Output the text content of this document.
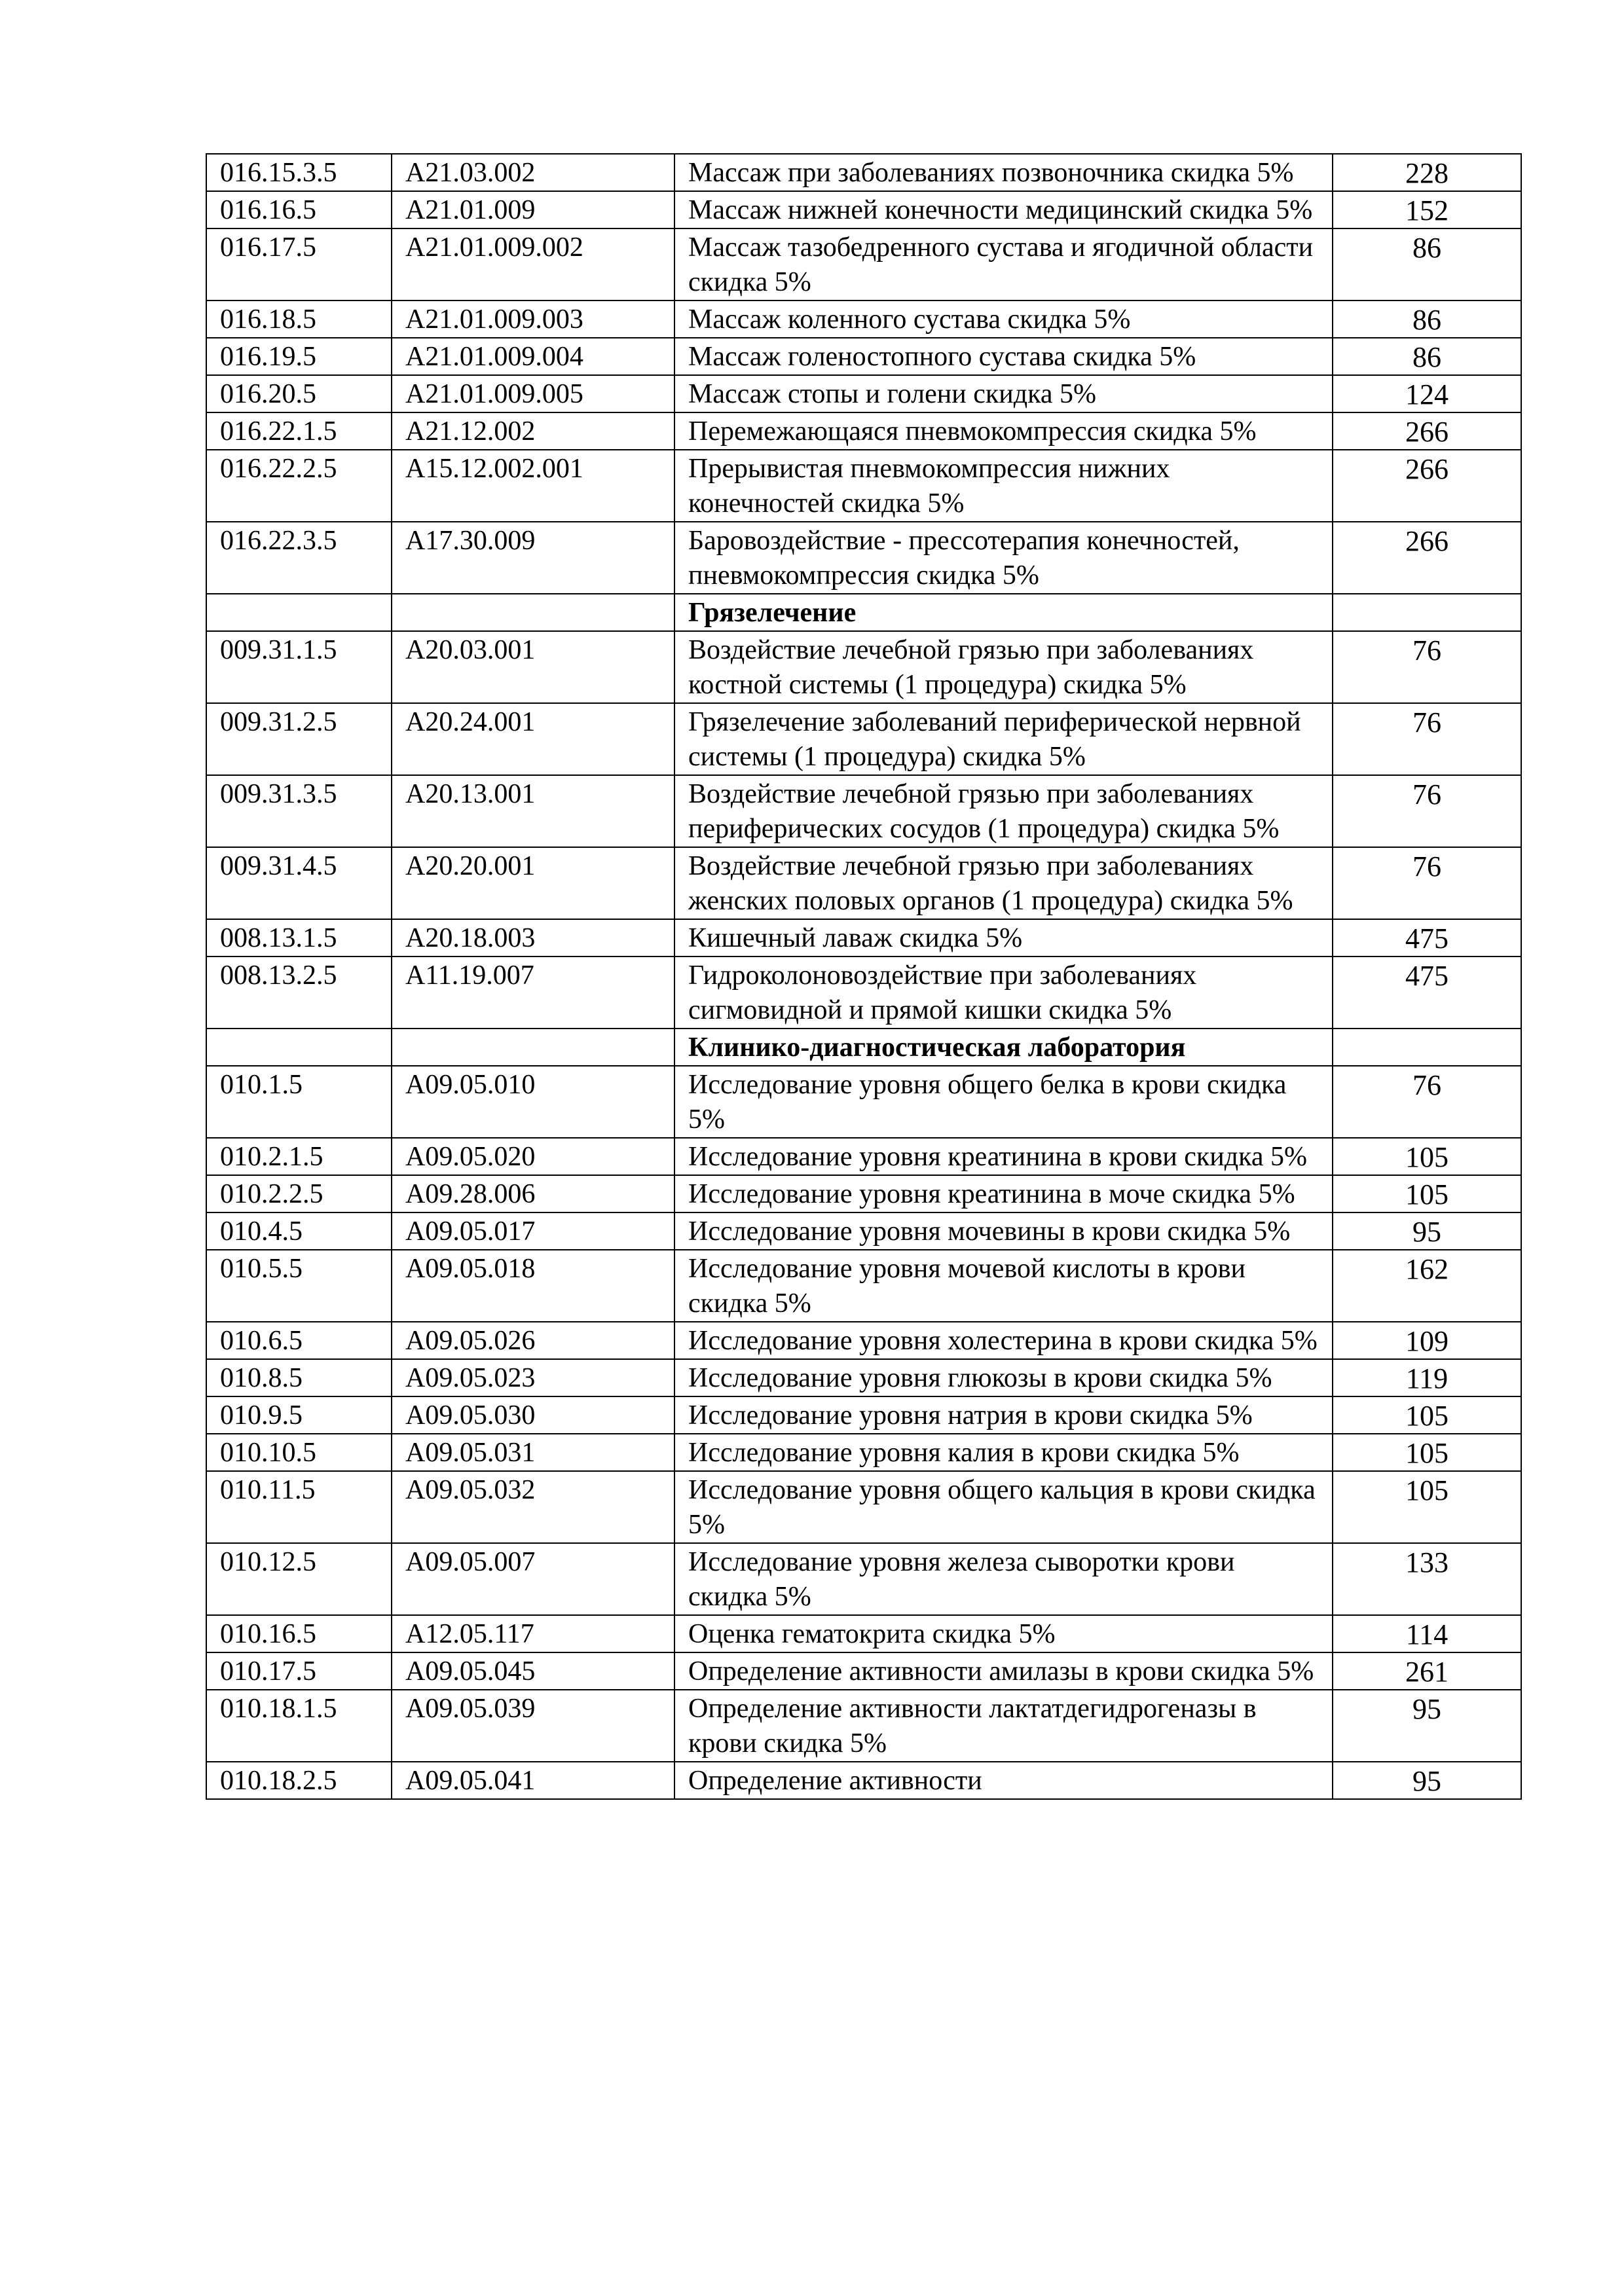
016.15.3.5	A21.03.002	Массаж при заболеваниях позвоночника скидка 5%	228
016.16.5	A21.01.009	Массаж нижней конечности медицинский скидка 5%	152
016.17.5	A21.01.009.002	Массаж тазобедренного сустава и ягодичной области скидка 5%	86
016.18.5	A21.01.009.003	Массаж коленного сустава скидка 5%	86
016.19.5	A21.01.009.004	Массаж голеностопного сустава скидка 5%	86
016.20.5	A21.01.009.005	Массаж стопы и голени скидка 5%	124
016.22.1.5	A21.12.002	Перемежающаяся пневмокомпрессия скидка 5%	266
016.22.2.5	A15.12.002.001	Прерывистая пневмокомпрессия нижних конечностей скидка 5%	266
016.22.3.5	A17.30.009	Баровоздействие - прессотерапия конечностей, пневмокомпрессия скидка 5%	266
		Грязелечение	
009.31.1.5	A20.03.001	Воздействие лечебной грязью при заболеваниях костной системы (1 процедура) скидка 5%	76
009.31.2.5	A20.24.001	Грязелечение заболеваний периферической нервной системы (1 процедура) скидка 5%	76
009.31.3.5	A20.13.001	Воздействие лечебной грязью при заболеваниях периферических сосудов (1 процедура) скидка 5%	76
009.31.4.5	A20.20.001	Воздействие лечебной грязью при заболеваниях женских половых органов (1 процедура) скидка 5%	76
008.13.1.5	A20.18.003	Кишечный лаваж скидка 5%	475
008.13.2.5	A11.19.007	Гидроколоновоздействие при заболеваниях сигмовидной и прямой кишки скидка 5%	475
		Клинико-диагностическая лаборатория	
010.1.5	A09.05.010	Исследование уровня общего белка в крови скидка 5%	76
010.2.1.5	A09.05.020	Исследование уровня креатинина в крови скидка 5%	105
010.2.2.5	A09.28.006	Исследование уровня креатинина в моче скидка 5%	105
010.4.5	A09.05.017	Исследование уровня мочевины в крови скидка 5%	95
010.5.5	A09.05.018	Исследование уровня мочевой кислоты в крови скидка 5%	162
010.6.5	A09.05.026	Исследование уровня холестерина в крови скидка 5%	109
010.8.5	A09.05.023	Исследование уровня глюкозы в крови скидка 5%	119
010.9.5	A09.05.030	Исследование уровня натрия в крови скидка 5%	105
010.10.5	A09.05.031	Исследование уровня калия в крови скидка 5%	105
010.11.5	A09.05.032	Исследование уровня общего кальция в крови скидка 5%	105
010.12.5	A09.05.007	Исследование уровня железа сыворотки крови скидка 5%	133
010.16.5	A12.05.117	Оценка гематокрита скидка 5%	114
010.17.5	A09.05.045	Определение активности амилазы в крови скидка 5%	261
010.18.1.5	A09.05.039	Определение активности лактатдегидрогеназы в крови скидка 5%	95
010.18.2.5	A09.05.041	Определение активности	95
